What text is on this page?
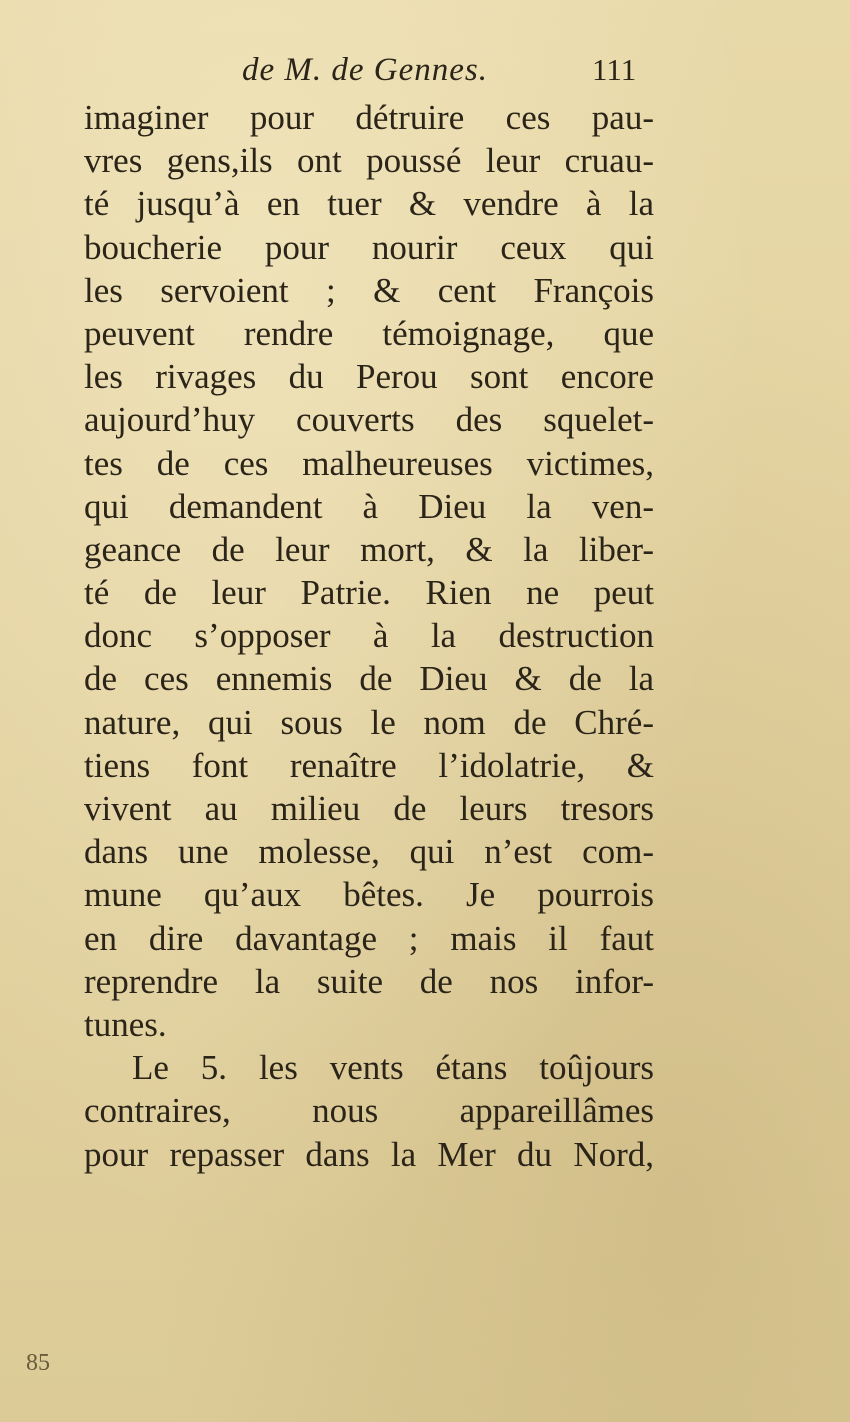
de M. de Gennes.	111
imaginer pour détruire ces pau-
vres gens,ils ont poussé leur cruau-
té jusqu’à en tuer & vendre à la
boucherie pour nourir ceux qui
les servoient ; & cent François
peuvent rendre témoignage, que
les rivages du Perou sont encore
aujourd’huy couverts des squelet-
tes de ces malheureuses victimes,
qui demandent à Dieu la ven-
geance de leur mort, & la liber-
té de leur Patrie. Rien ne peut
donc s’opposer à la destruction
de ces ennemis de Dieu & de la
nature, qui sous le nom de Chré-
tiens font renaître l’idolatrie, &
vivent au milieu de leurs tresors
dans une molesse, qui n’est com-
mune qu’aux bêtes. Je pourrois
en dire davantage ; mais il faut
reprendre la suite de nos infor-
tunes.
Le 5. les vents étans toûjours
contraires, nous appareillâmes
pour repasser dans la Mer du Nord,
85
